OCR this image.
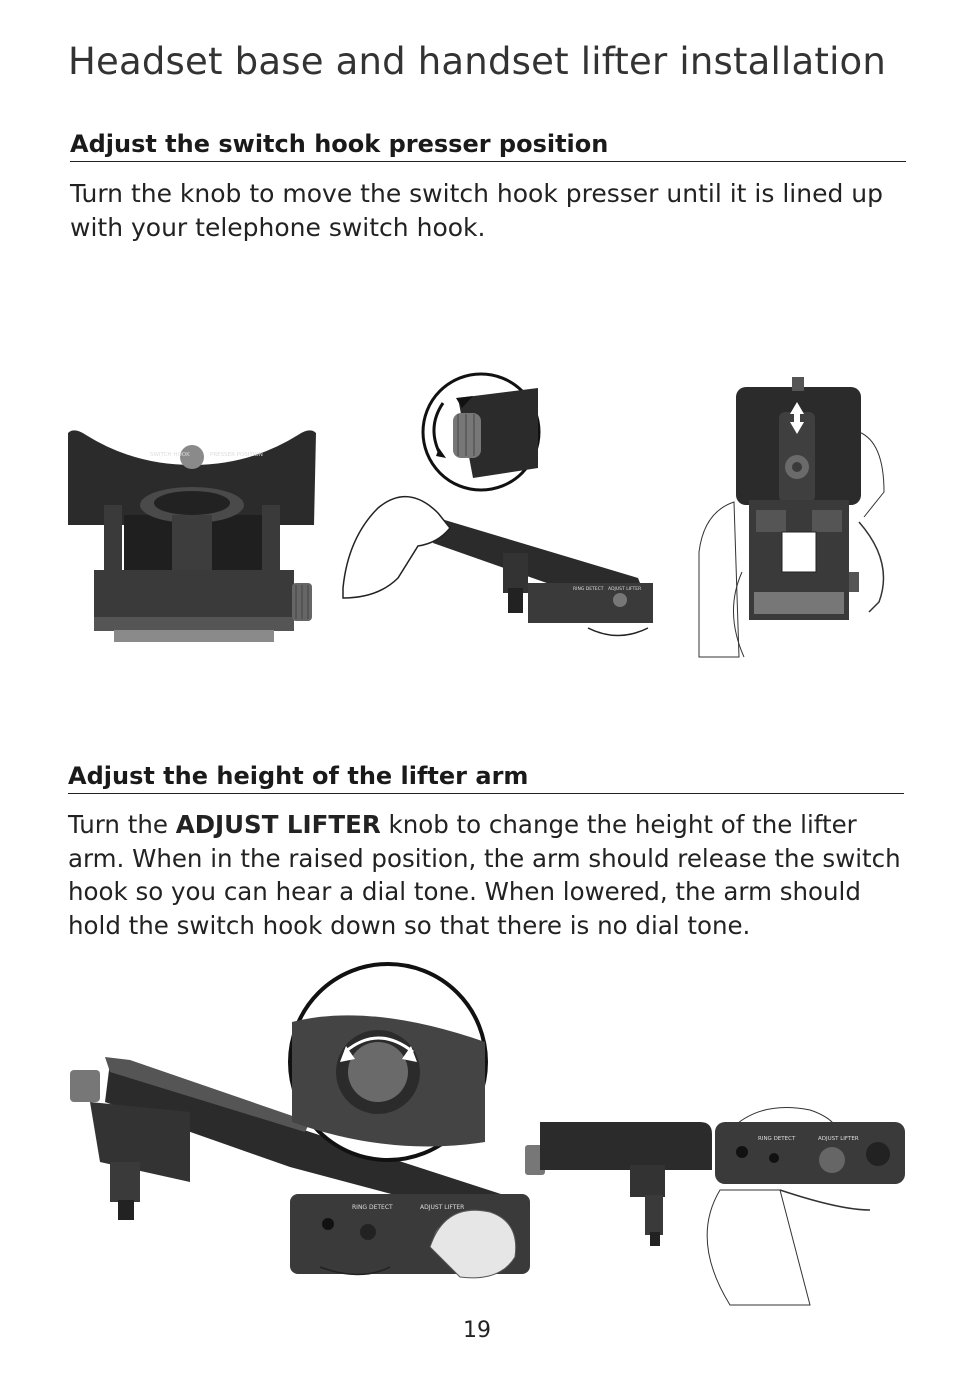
Headset base and handset lifter installation
Adjust the switch hook presser position

Turn the knob to move the switch hook presser until it is lined up with your telephone switch hook.

SWITCH HOOK	PRESSER POSITION
RING DETECT ADJUST LIFTER
Adjust the height of the lifter arm

Turn the ADJUST LIFTER knob to change the height of the lifter arm. When in the raised position, the arm should release the switch hook so you can hear a dial tone. When lowered, the arm should hold the switch hook down so that there is no dial tone.

RING DETECT	ADJUST LIFTER
ADJUST LIFTER
RING DETECT	ADJUST LIFTER
19
